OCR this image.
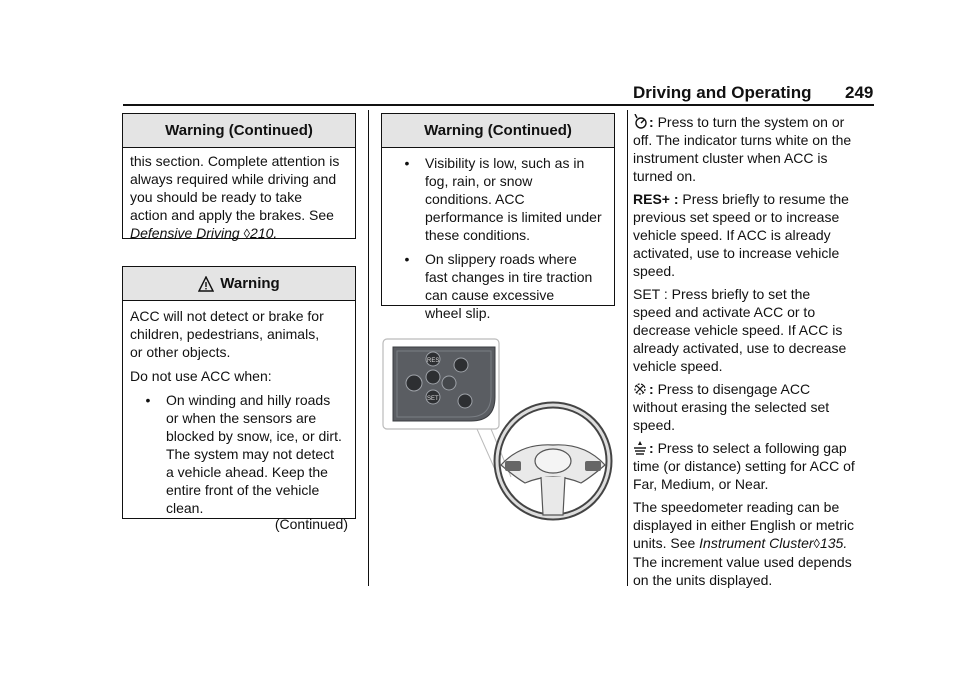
Driving and Operating 249
Warning (Continued)
this section. Complete attention is
always required while driving and
you should be ready to take
action and apply the brakes. See
Defensive Driving ◊210.
Warning
ACC will not detect or brake for
children, pedestrians, animals,
or other objects.
Do not use ACC when:
•	On winding and hilly roads
or when the sensors are
blocked by snow, ice, or dirt.
The system may not detect
a vehicle ahead. Keep the
entire front of the vehicle
clean.
(Continued)
Warning (Continued)
•	Visibility is low, such as in
fog, rain, or snow
conditions. ACC
performance is limited under
these conditions.
•	On slippery roads where
fast changes in tire traction
can cause excessive
wheel slip.
RES
SET
: Press to turn the system on or
off. The indicator turns white on the
instrument cluster when ACC is
turned on.
RES+ : Press briefly to resume the
previous set speed or to increase
vehicle speed. If ACC is already
activated, use to increase vehicle
speed.
SET : Press briefly to set the
speed and activate ACC or to
decrease vehicle speed. If ACC is
already activated, use to decrease
vehicle speed.
: Press to disengage ACC
without erasing the selected set
speed.
: Press to select a following gap
time (or distance) setting for ACC of
Far, Medium, or Near.
The speedometer reading can be
displayed in either English or metric
units. See Instrument Cluster◊135.
The increment value used depends
on the units displayed.
